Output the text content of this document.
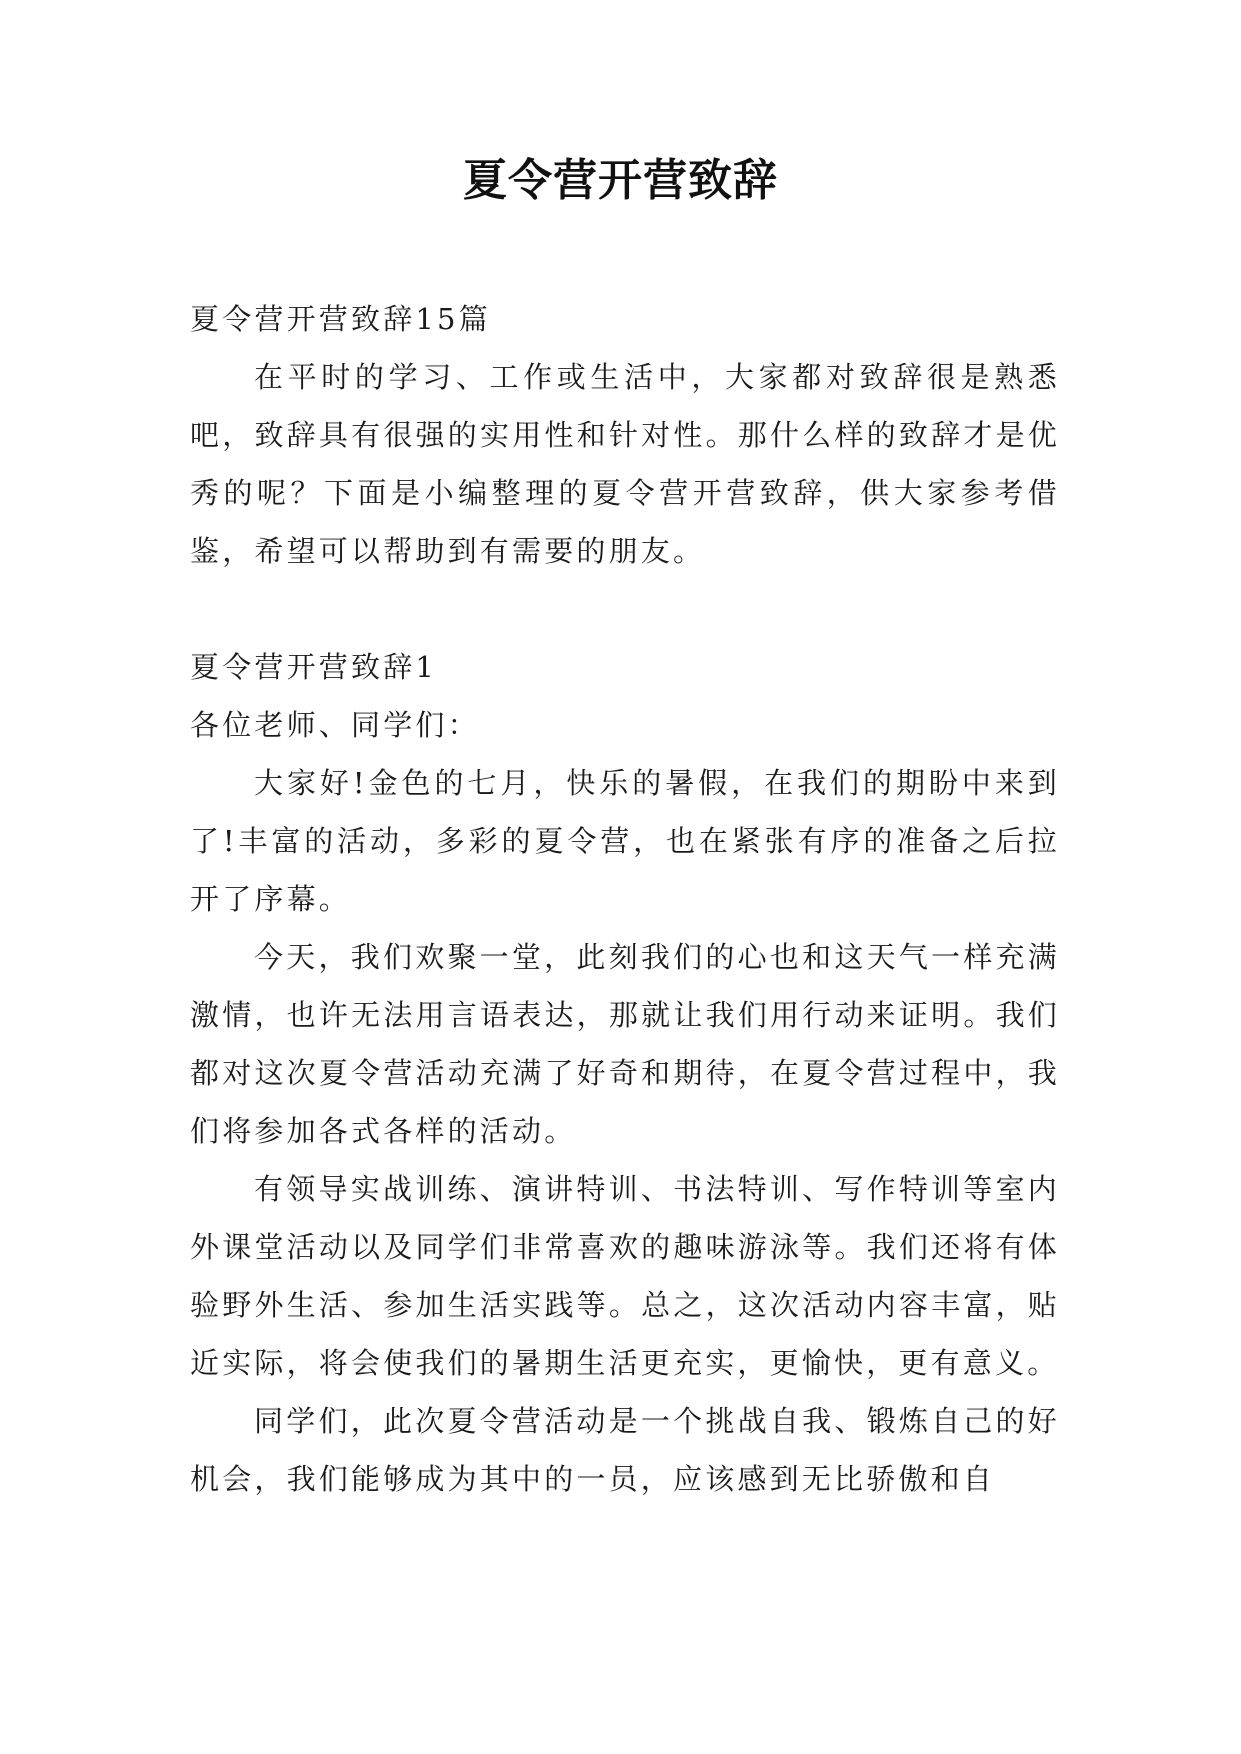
夏令营开营致辞

夏令营开营致辞15篇

在平时的学习、工作或生活中，大家都对致辞很是熟悉吧，致辞具有很强的实用性和针对性。那什么样的致辞才是优秀的呢？下面是小编整理的夏令营开营致辞，供大家参考借鉴，希望可以帮助到有需要的朋友。

夏令营开营致辞1

各位老师、同学们：

大家好!金色的七月，快乐的暑假，在我们的期盼中来到了!丰富的活动，多彩的夏令营，也在紧张有序的准备之后拉开了序幕。

今天，我们欢聚一堂，此刻我们的心也和这天气一样充满激情，也许无法用言语表达，那就让我们用行动来证明。我们都对这次夏令营活动充满了好奇和期待，在夏令营过程中，我们将参加各式各样的活动。

有领导实战训练、演讲特训、书法特训、写作特训等室内外课堂活动以及同学们非常喜欢的趣味游泳等。我们还将有体验野外生活、参加生活实践等。总之，这次活动内容丰富，贴近实际，将会使我们的暑期生活更充实，更愉快，更有意义。

同学们，此次夏令营活动是一个挑战自我、锻炼自己的好机会，我们能够成为其中的一员，应该感到无比骄傲和自
